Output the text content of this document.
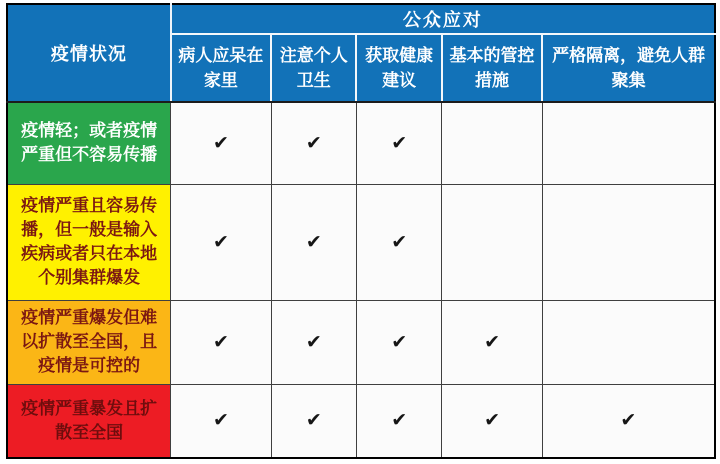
疫情状况	公众应对				
	病人应呆在家里	注意个人卫生	获取健康建议	基本的管控措施	严格隔离，避免人群聚集
疫情轻；或者疫情严重但不容易传播	✔	✔	✔		
疫情严重且容易传播，但一般是输入疾病或者只在本地个别集群爆发	✔	✔	✔		
疫情严重爆发但难以扩散至全国，且疫情是可控的	✔	✔	✔	✔	
疫情严重暴发且扩散至全国	✔	✔	✔	✔	✔
